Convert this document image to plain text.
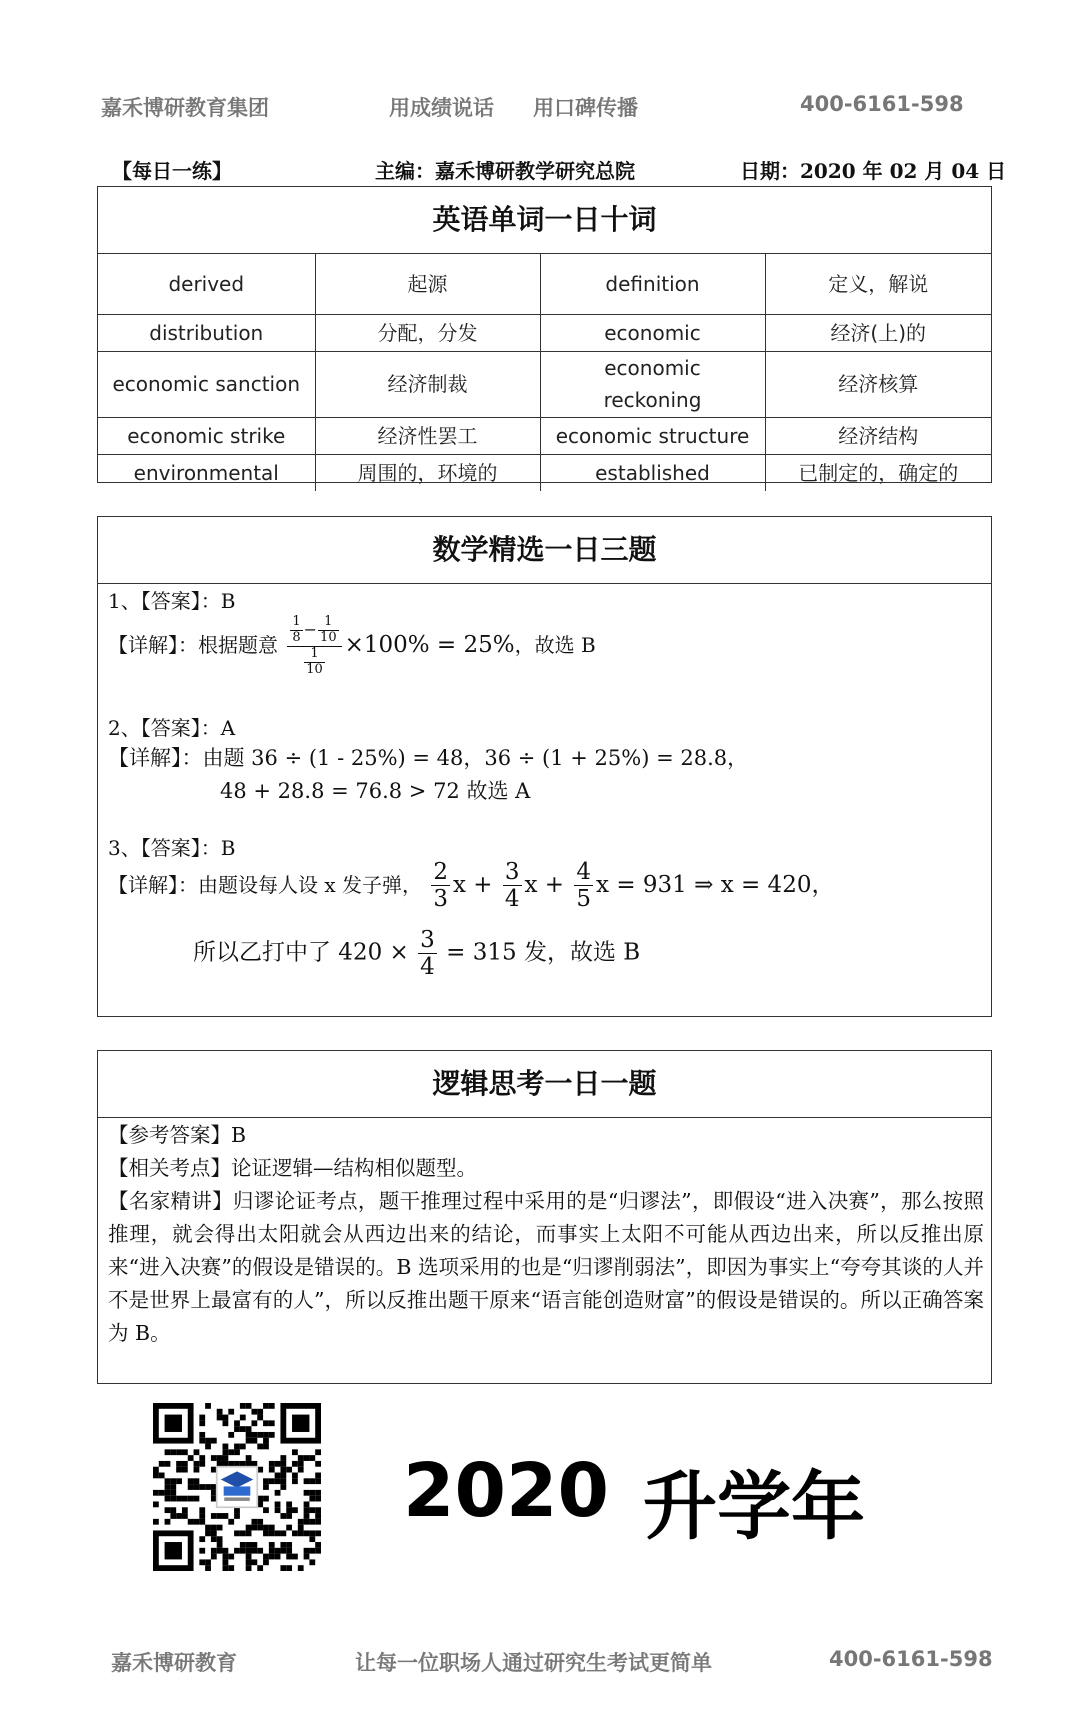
嘉禾博研教育集团	用成绩说话 用口碑传播	400-6161-598
【每日一练】	主编：嘉禾博研教学研究总院	日期：2020 年 02 月 04 日
英语单词一日十词
derived	起源	definition	定义，解说
distribution	分配，分发	economic	经济(上)的
economic sanction	经济制裁	economic reckoning	经济核算
economic strike	经济性罢工	economic structure	经济结构
environmental	周围的，环境的	established	已制定的，确定的
数学精选一日三题
1、【答案】：B
【详解】：根据题意 $\frac{\frac{1}{8} - \frac{1}{10}}{\frac{1}{10}} \times 100\% = 25\%$，故选 B
2、【答案】：A
【详解】：由题 36 ÷ (1 - 25%) = 48，36 ÷ (1 + 25%) = 28.8，
48 + 28.8 = 76.8 > 72 故选 A
3、【答案】：B
【详解】：由题设每人设 x 发子弹， $\frac{2}{3}$ $x + \frac{3}{4}$ $x + \frac{4}{5}$ x = 931 ⇒ x = 420，
所以乙打中了 $420 \times \frac{3}{4} = 315$ 发，故选 B
逻辑思考一日一题

【参考答案】B

【相关考点】论证逻辑—结构相似题型。

【名家精讲】归谬论证考点，题干推理过程中采用的是“归谬法”，即假设“进入决赛”，那么按照推理，就会得出太阳就会从西边出来的结论，而事实上太阳不可能从西边出来，所以反推出原来“进入决赛”的假设是错误的。B 选项采用的也是“归谬削弱法”，即因为事实上“夸夸其谈的人并不是世界上最富有的人”，所以反推出题干原来“语言能创造财富”的假设是错误的。所以正确答案为 B。

2020 升学年
嘉禾博研教育	让每一位职场人通过研究生考试更简单	400-6161-598
